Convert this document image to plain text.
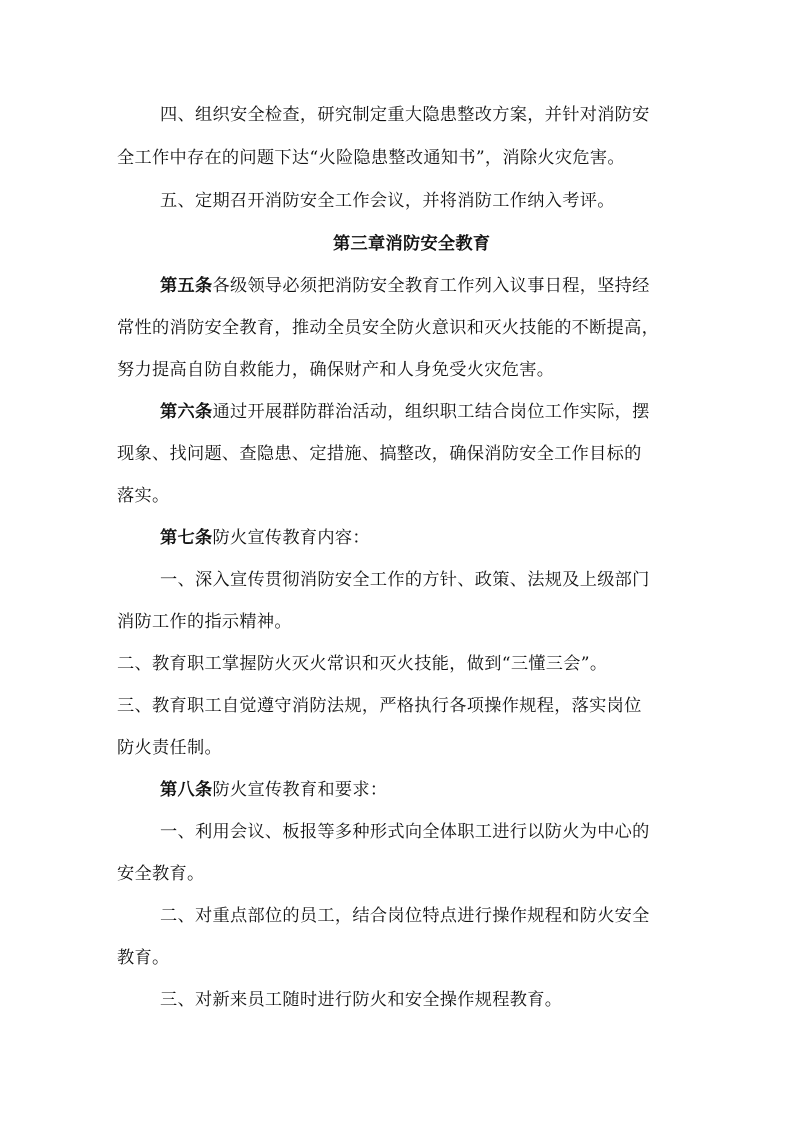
四、组织安全检查，研究制定重大隐患整改方案，并针对消防安
全工作中存在的问题下达“火险隐患整改通知书”，消除火灾危害。
五、定期召开消防安全工作会议，并将消防工作纳入考评。
第三章消防安全教育
第五条各级领导必须把消防安全教育工作列入议事日程，坚持经
常性的消防安全教育，推动全员安全防火意识和灭火技能的不断提高，
努力提高自防自救能力，确保财产和人身免受火灾危害。
第六条通过开展群防群治活动，组织职工结合岗位工作实际，摆
现象、找问题、查隐患、定措施、搞整改，确保消防安全工作目标的
落实。
第七条防火宣传教育内容：
一、深入宣传贯彻消防安全工作的方针、政策、法规及上级部门
消防工作的指示精神。
二、教育职工掌握防火灭火常识和灭火技能，做到“三懂三会”。
三、教育职工自觉遵守消防法规，严格执行各项操作规程，落实岗位
防火责任制。
第八条防火宣传教育和要求：
一、利用会议、板报等多种形式向全体职工进行以防火为中心的
安全教育。
二、对重点部位的员工，结合岗位特点进行操作规程和防火安全
教育。
三、对新来员工随时进行防火和安全操作规程教育。
